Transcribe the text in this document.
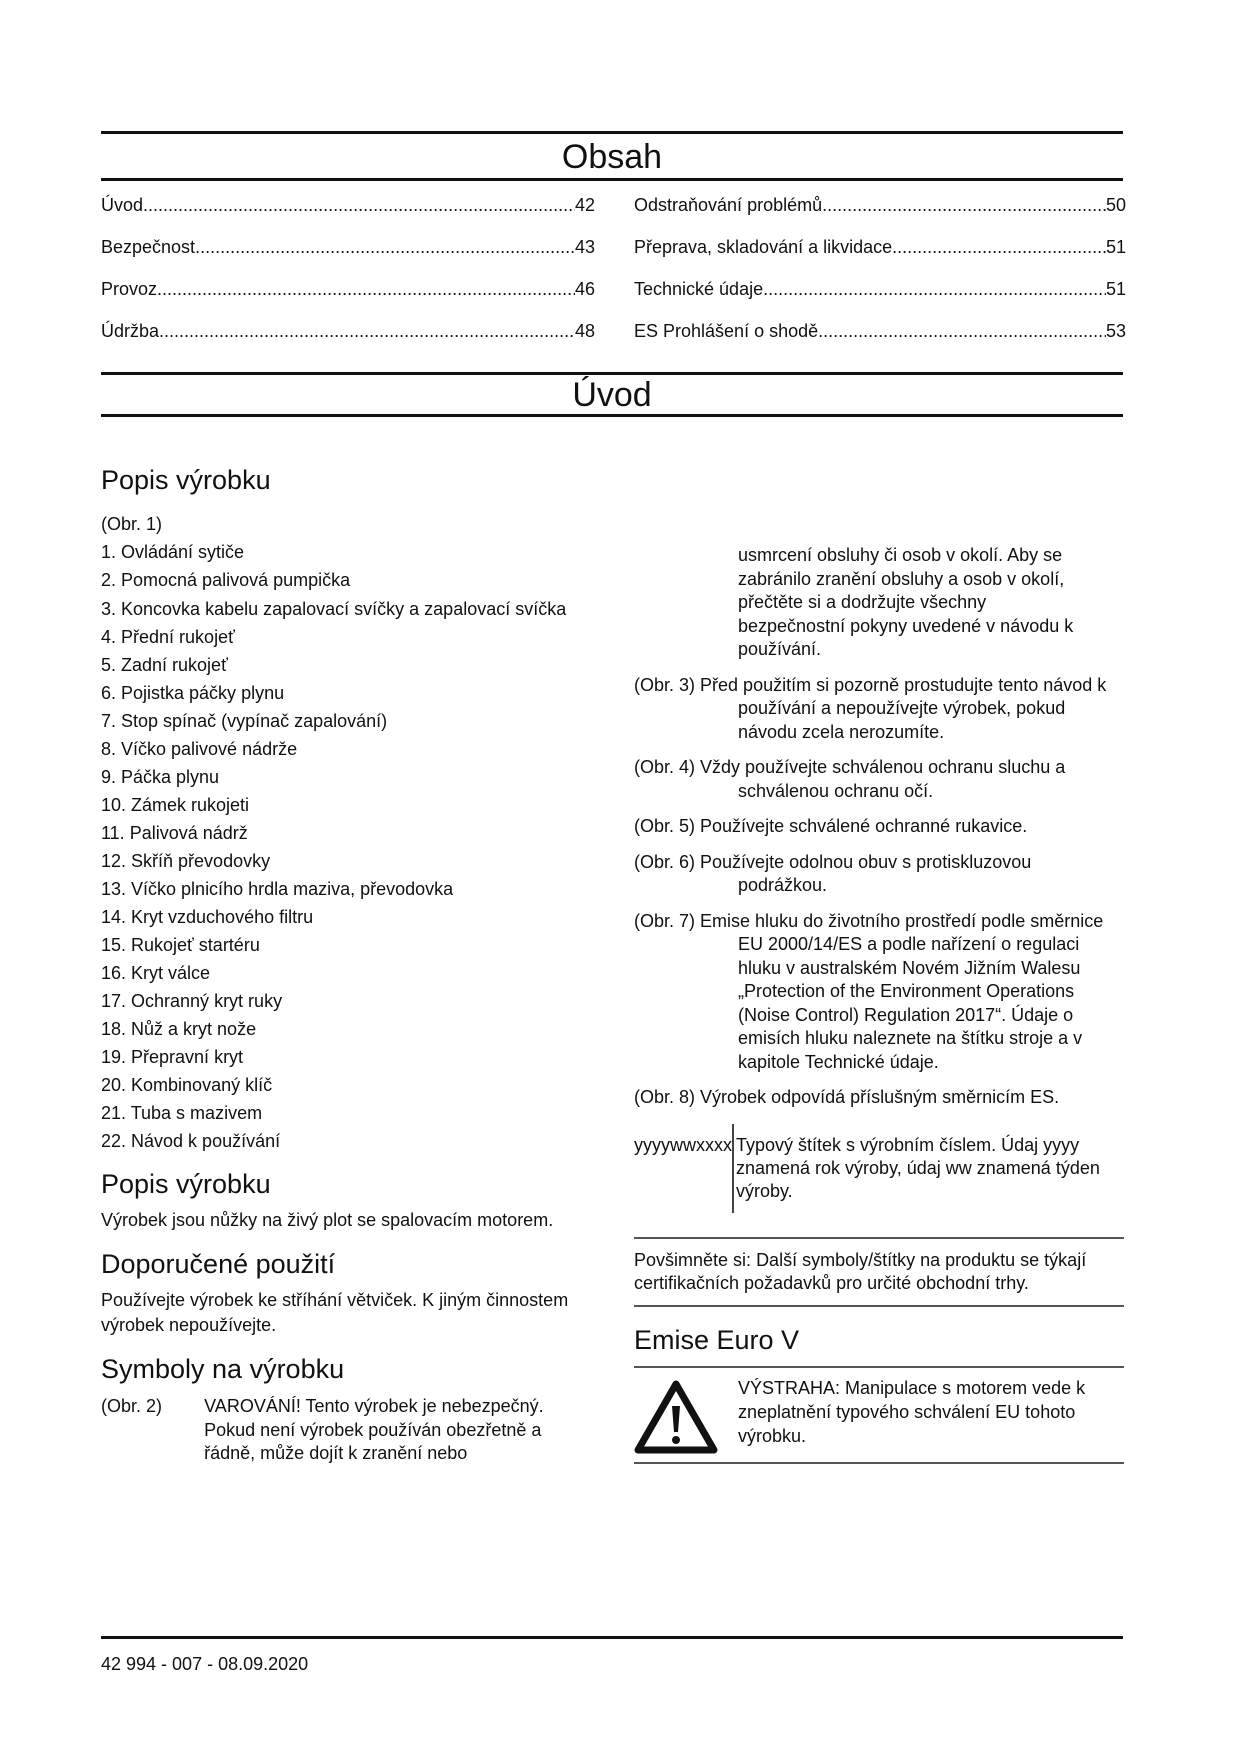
Obsah
Úvod .....	42
Bezpečnost .....	43
Provoz .....	46
Údržba .....	48
Odstraňování problémů .....	50
Přeprava, skladování a likvidace .....	51
Technické údaje .....	51
ES Prohlášení o shodě .....	53
Úvod
Popis výrobku

(Obr. 1)

1. Ovládání sytiče
2. Pomocná palivová pumpička
3. Koncovka kabelu zapalovací svíčky a zapalovací svíčka
4. Přední rukojeť
5. Zadní rukojeť
6. Pojistka páčky plynu
7. Stop spínač (vypínač zapalování)
8. Víčko palivové nádrže
9. Páčka plynu
10. Zámek rukojeti
11. Palivová nádrž
12. Skříň převodovky
13. Víčko plnicího hrdla maziva, převodovka
14. Kryt vzduchového filtru
15. Rukojeť startéru
16. Kryt válce
17. Ochranný kryt ruky
18. Nůž a kryt nože
19. Přepravní kryt
20. Kombinovaný klíč
21. Tuba s mazivem
22. Návod k používání
Popis výrobku

Výrobek jsou nůžky na živý plot se spalovacím motorem.

Doporučené použití

Používejte výrobek ke stříhání větviček. K jiným činnostem výrobek nepoužívejte.

Symboly na výrobku
(Obr. 2)	VAROVÁNÍ! Tento výrobek je nebezpečný. Pokud není výrobek používán obezřetně a řádně, může dojít k zranění nebo
usmrcení obsluhy či osob v okolí. Aby se zabránilo zranění obsluhy a osob v okolí, přečtěte si a dodržujte všechny bezpečnostní pokyny uvedené v návodu k používání.
(Obr. 3) Před použitím si pozorně prostudujte tento návod k používání a nepoužívejte výrobek, pokud návodu zcela nerozumíte.
(Obr. 4) Vždy používejte schválenou ochranu sluchu a schválenou ochranu očí.
(Obr. 5) Používejte schválené ochranné rukavice.
(Obr. 6) Používejte odolnou obuv s protiskluzovou podrážkou.
(Obr. 7) Emise hluku do životního prostředí podle směrnice EU 2000/14/ES a podle nařízení o regulaci hluku v australském Novém Jižním Walesu „Protection of the Environment Operations (Noise Control) Regulation 2017“. Údaje o emisích hluku naleznete na štítku stroje a v kapitole Technické údaje.
(Obr. 8) Výrobek odpovídá příslušným směrnicím ES.
yyyywwxxxx Typový štítek s výrobním číslem. Údaj yyyy znamená rok výroby, údaj ww znamená týden výroby.
Povšimněte si: Další symboly/štítky na produktu se týkají certifikačních požadavků pro určité obchodní trhy.
Emise Euro V
VÝSTRAHA: Manipulace s motorem vede k zneplatnění typového schválení EU tohoto výrobku.
42 994 - 007 - 08.09.2020
